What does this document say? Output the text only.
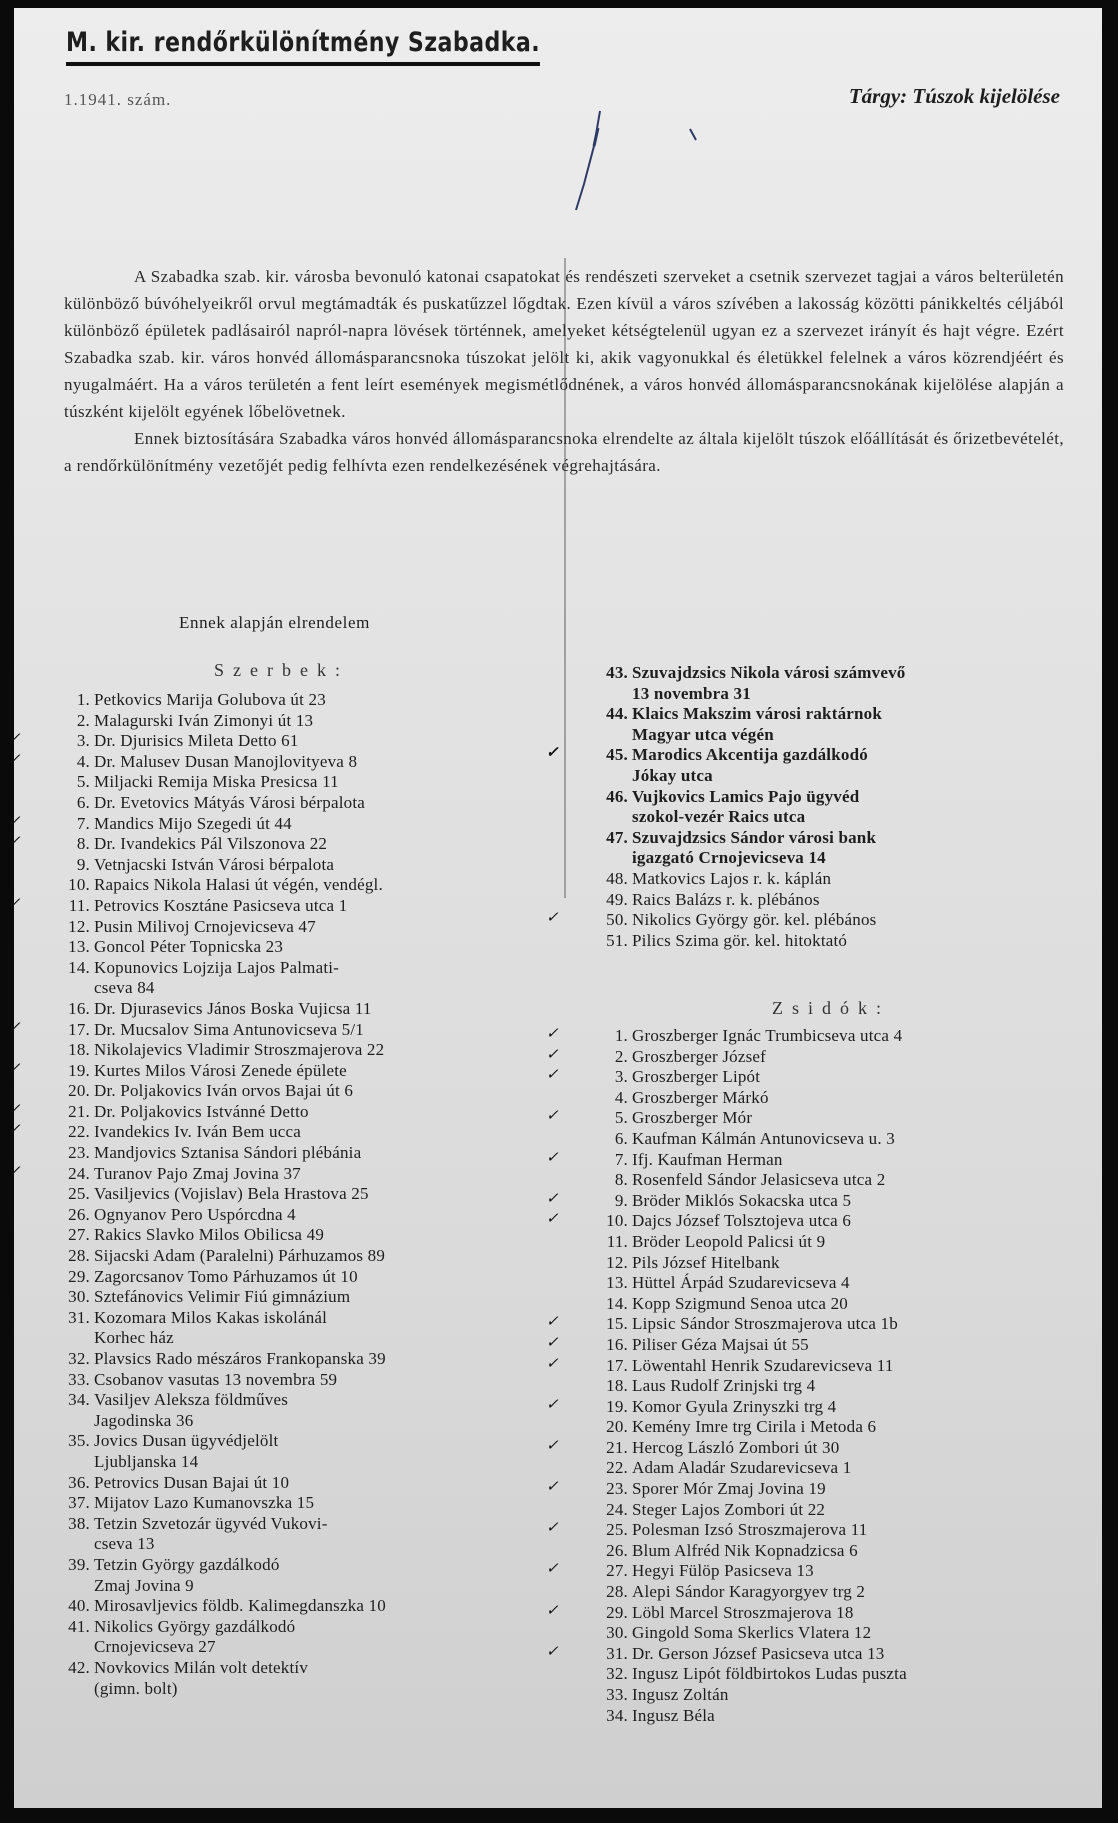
M. kir. rendőrkülönítmény Szabadka.
1.1941. szám.	Tárgy: Túszok kijelölése

A Szabadka szab. kir. városba bevonuló katonai csapatokat és rendészeti szerveket a csetnik szervezet tagjai a város belterületén különböző búvóhelyeikről orvul megtámadták és puskatűzzel lőgdtak. Ezen kívül a város szívében a lakosság közötti pánikkeltés céljából különböző épületek padlásairól napról-napra lövések történnek, amelyeket kétségtelenül ugyan ez a szervezet irányít és hajt végre. Ezért Szabadka szab. kir. város honvéd állomásparancsnoka túszokat jelölt ki, akik vagyonukkal és életükkel felelnek a város közrendjéért és nyugalmáért. Ha a város területén a fent leírt események megismétlődnének, a város honvéd állomásparancsnokának kijelölése alapján a túszként kijelölt egyének lőbelövetnek.

Ennek biztosítására Szabadka város honvéd állomásparancsnoka elrendelte az általa kijelölt túszok előállítását és őrizetbevételét, a rendőrkülönítmény vezetőjét pedig felhívta ezen rendelkezésének végrehajtására.

Ennek alapján elrendelem
Szerbek:
1. Petkovics Marija Golubova út 23
2. Malagurski Iván Zimonyi út 13
✓	3. Dr. Djurisics Mileta Detto 61
✓	4. Dr. Malusev Dusan Manojlovityeva 8
5. Miljacki Remija Miska Presicsa 11
6. Dr. Evetovics Mátyás Városi bérpalota
✓	7. Mandics Mijo Szegedi út 44
✓	8. Dr. Ivandekics Pál Vilszonova 22
9. Vetnjacski István Városi bérpalota
10. Rapaics Nikola Halasi út végén, vendégl.
✓	11. Petrovics Kosztáne Pasicseva utca 1
12. Pusin Milivoj Crnojevicseva 47
13. Goncol Péter Topnicska 23
14. Kopunovics Lojzija Lajos Palmati-
cseva 84
16. Dr. Djurasevics János Boska Vujicsa 11
✓	17. Dr. Mucsalov Sima Antunovicseva 5/1
18. Nikolajevics Vladimir Stroszmajerova 22
✓	19. Kurtes Milos Városi Zenede épülete
20. Dr. Poljakovics Iván orvos Bajai út 6
✓	21. Dr. Poljakovics Istvánné Detto
✓	22. Ivandekics Iv. Iván Bem ucca
23. Mandjovics Sztanisa Sándori plébánia
✓	24. Turanov Pajo Zmaj Jovina 37
25. Vasiljevics (Vojislav) Bela Hrastova 25
26. Ognyanov Pero Uspórcdna 4
27. Rakics Slavko Milos Obilicsa 49
28. Sijacski Adam (Paralelni) Párhuzamos 89
29. Zagorcsanov Tomo Párhuzamos út 10
30. Sztefánovics Velimir Fiú gimnázium
31. Kozomara Milos Kakas iskolánál
Korhec ház
32. Plavsics Rado mészáros Frankopanska 39
33. Csobanov vasutas 13 novembra 59
34. Vasiljev Alekszа földműves
Jagodinska 36
35. Jovics Dusan ügyvédjelölt
Ljubljanska 14
36. Petrovics Dusan Bajai út 10
37. Mijatov Lazo Kumanovszka 15
38. Tetzin Szvetozár ügyvéd Vukovi-
cseva 13
39. Tetzin György gazdálkodó
Zmaj Jovina 9
40. Mirosavljevics földb. Kalimegdanszka 10
41. Nikolics György gazdálkodó
Crnojevicseva 27
42. Novkovics Milán volt detektív
(gimn. bolt)
43. Szuvajdzsics Nikola városi számvevő
13 novembra 31
44. Klaics Makszim városi raktárnok
Magyar utca végén
✓	45. Marodics Akcentija gazdálkodó
Jókay utca
46. Vujkovics Lamics Pajo ügyvéd
szokol-vezér Raics utca
47. Szuvajdzsics Sándor városi bank
igazgató Crnojevicseva 14
48. Matkovics Lajos r. k. káplán
49. Raics Balázs r. k. plébános
✓	50. Nikolics György gör. kel. plébános
51. Pilics Szima gör. kel. hitoktató
Zsidók:
✓	1. Groszberger Ignác Trumbicseva utca 4
✓	2. Groszberger József
✓	3. Groszberger Lipót
4. Groszberger Márkó
✓	5. Groszberger Mór
6. Kaufman Kálmán Antunovicseva u. 3
✓	7. Ifj. Kaufman Herman
8. Rosenfeld Sándor Jelasicseva utca 2
✓	9. Bröder Miklós Sokacska utca 5
✓	10. Dajcs József Tolsztojeva utca 6
11. Bröder Leopold Palicsi út 9
12. Pils József Hitelbank
13. Hüttel Árpád Szudarevicseva 4
14. Kopp Szigmund Senoa utca 20
✓	15. Lipsic Sándor Stroszmajerova utca 1b
✓	16. Piliser Géza Majsai út 55
✓	17. Löwentahl Henrik Szudarevicseva 11
18. Laus Rudolf Zrinjski trg 4
✓	19. Komor Gyula Zrinyszki trg 4
20. Kemény Imre trg Cirila i Metoda 6
✓	21. Hercog László Zombori út 30
22. Adam Aladár Szudarevicseva 1
✓	23. Sporer Mór Zmaj Jovina 19
24. Steger Lajos Zombori út 22
✓	25. Polesman Izsó Stroszmajerova 11
26. Blum Alfréd Nik Kopnadzicsa 6
✓	27. Hegyi Fülöp Pasicseva 13
28. Alepi Sándor Karagyorgyev trg 2
✓	29. Löbl Marcel Stroszmajerova 18
30. Gingold Soma Skerlics Vlatera 12
✓	31. Dr. Gerson József Pasicseva utca 13
32. Ingusz Lipót földbirtokos Ludas puszta
33. Ingusz Zoltán
34. Ingusz Béla
